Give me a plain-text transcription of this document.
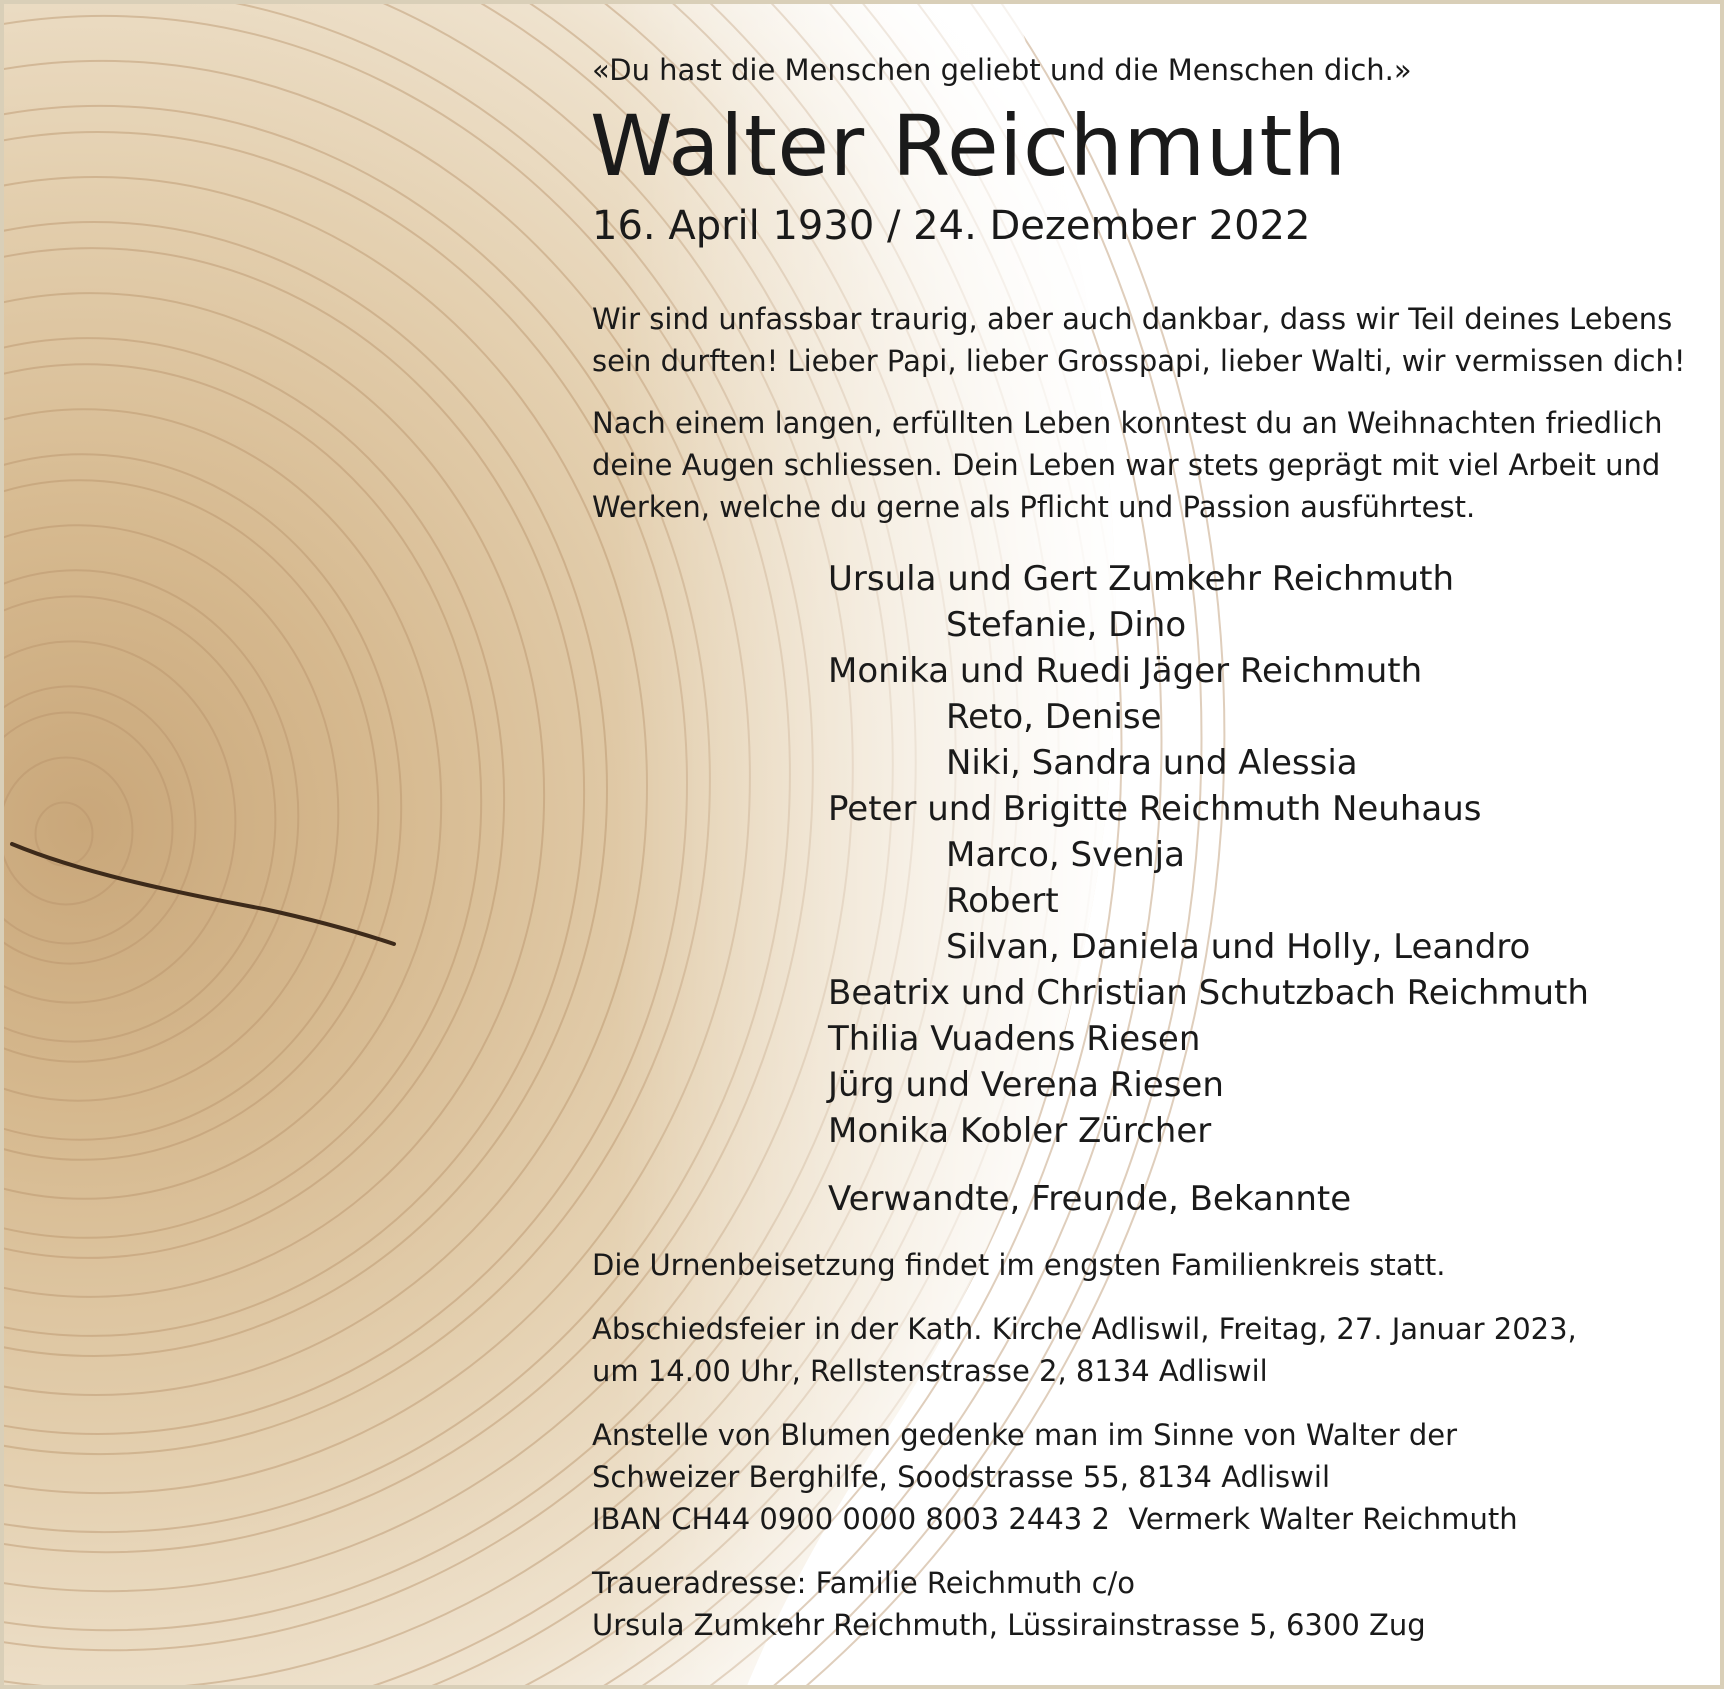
«Du hast die Menschen geliebt und die Menschen dich.»

Walter Reichmuth

16. April 1930 / 24. Dezember 2022

Wir sind unfassbar traurig, aber auch dankbar, dass wir Teil deines Lebens

sein durften! Lieber Papi, lieber Grosspapi, lieber Walti, wir vermissen dich!

Nach einem langen, erfüllten Leben konntest du an Weihnachten friedlich

deine Augen schliessen. Dein Leben war stets geprägt mit viel Arbeit und

Werken, welche du gerne als Pflicht und Passion ausführtest.

Ursula und Gert Zumkehr Reichmuth
Stefanie, Dino
Monika und Ruedi Jäger Reichmuth
Reto, Denise
Niki, Sandra und Alessia
Peter und Brigitte Reichmuth Neuhaus
Marco, Svenja
Robert
Silvan, Daniela und Holly, Leandro
Beatrix und Christian Schutzbach Reichmuth
Thilia Vuadens Riesen
Jürg und Verena Riesen
Monika Kobler Zürcher

Verwandte, Freunde, Bekannte

Die Urnenbeisetzung findet im engsten Familienkreis statt.

Abschiedsfeier in der Kath. Kirche Adliswil, Freitag, 27. Januar 2023,

um 14.00 Uhr, Rellstenstrasse 2, 8134 Adliswil

Anstelle von Blumen gedenke man im Sinne von Walter der

Schweizer Berghilfe, Soodstrasse 55, 8134 Adliswil

IBAN CH44 0900 0000 8003 2443 2  Vermerk Walter Reichmuth

Traueradresse: Familie Reichmuth c/o

Ursula Zumkehr Reichmuth, Lüssirainstrasse 5, 6300 Zug
